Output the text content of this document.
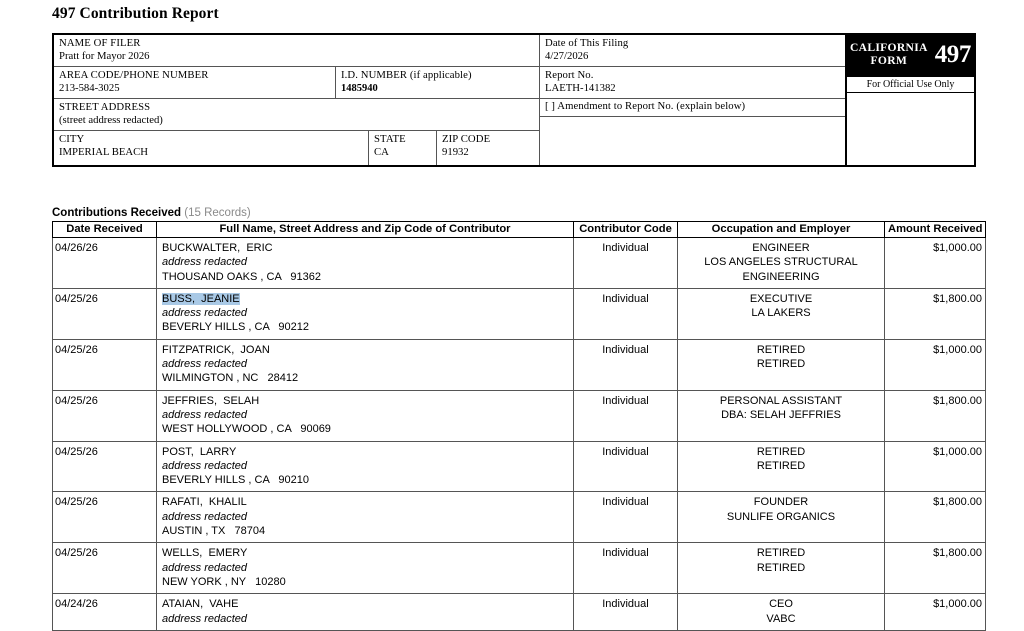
497 Contribution Report
NAME OF FILER
Pratt for Mayor 2026
AREA CODE/PHONE NUMBER
213-584-3025
I.D. NUMBER (if applicable)
1485940
STREET ADDRESS
(street address redacted)
CITY
IMPERIAL BEACH
STATE
CA
ZIP CODE
91932
Date of This Filing
4/27/2026
Report No.
LAETH-141382
[ ] Amendment to Report No. (explain below)
CALIFORNIA
FORM	497
For Official Use Only
Contributions Received (15 Records)
Date Received	Full Name, Street Address and Zip Code of Contributor	Contributor Code	Occupation and Employer	Amount Received
04/26/26	BUCKWALTER,  ERIC
address redacted
THOUSAND OAKS , CA   91362	Individual	ENGINEER
LOS ANGELES STRUCTURAL
ENGINEERING	$1,000.00
04/25/26	BUSS,  JEANIE
address redacted
BEVERLY HILLS , CA   90212	Individual	EXECUTIVE
LA LAKERS	$1,800.00
04/25/26	FITZPATRICK,  JOAN
address redacted
WILMINGTON , NC   28412	Individual	RETIRED
RETIRED	$1,000.00
04/25/26	JEFFRIES,  SELAH
address redacted
WEST HOLLYWOOD , CA   90069	Individual	PERSONAL ASSISTANT
DBA: SELAH JEFFRIES	$1,800.00
04/25/26	POST,  LARRY
address redacted
BEVERLY HILLS , CA   90210	Individual	RETIRED
RETIRED	$1,000.00
04/25/26	RAFATI,  KHALIL
address redacted
AUSTIN , TX   78704	Individual	FOUNDER
SUNLIFE ORGANICS	$1,800.00
04/25/26	WELLS,  EMERY
address redacted
NEW YORK , NY   10280	Individual	RETIRED
RETIRED	$1,800.00
04/24/26	ATAIAN,  VAHE
address redacted	Individual	CEO
VABC	$1,000.00
